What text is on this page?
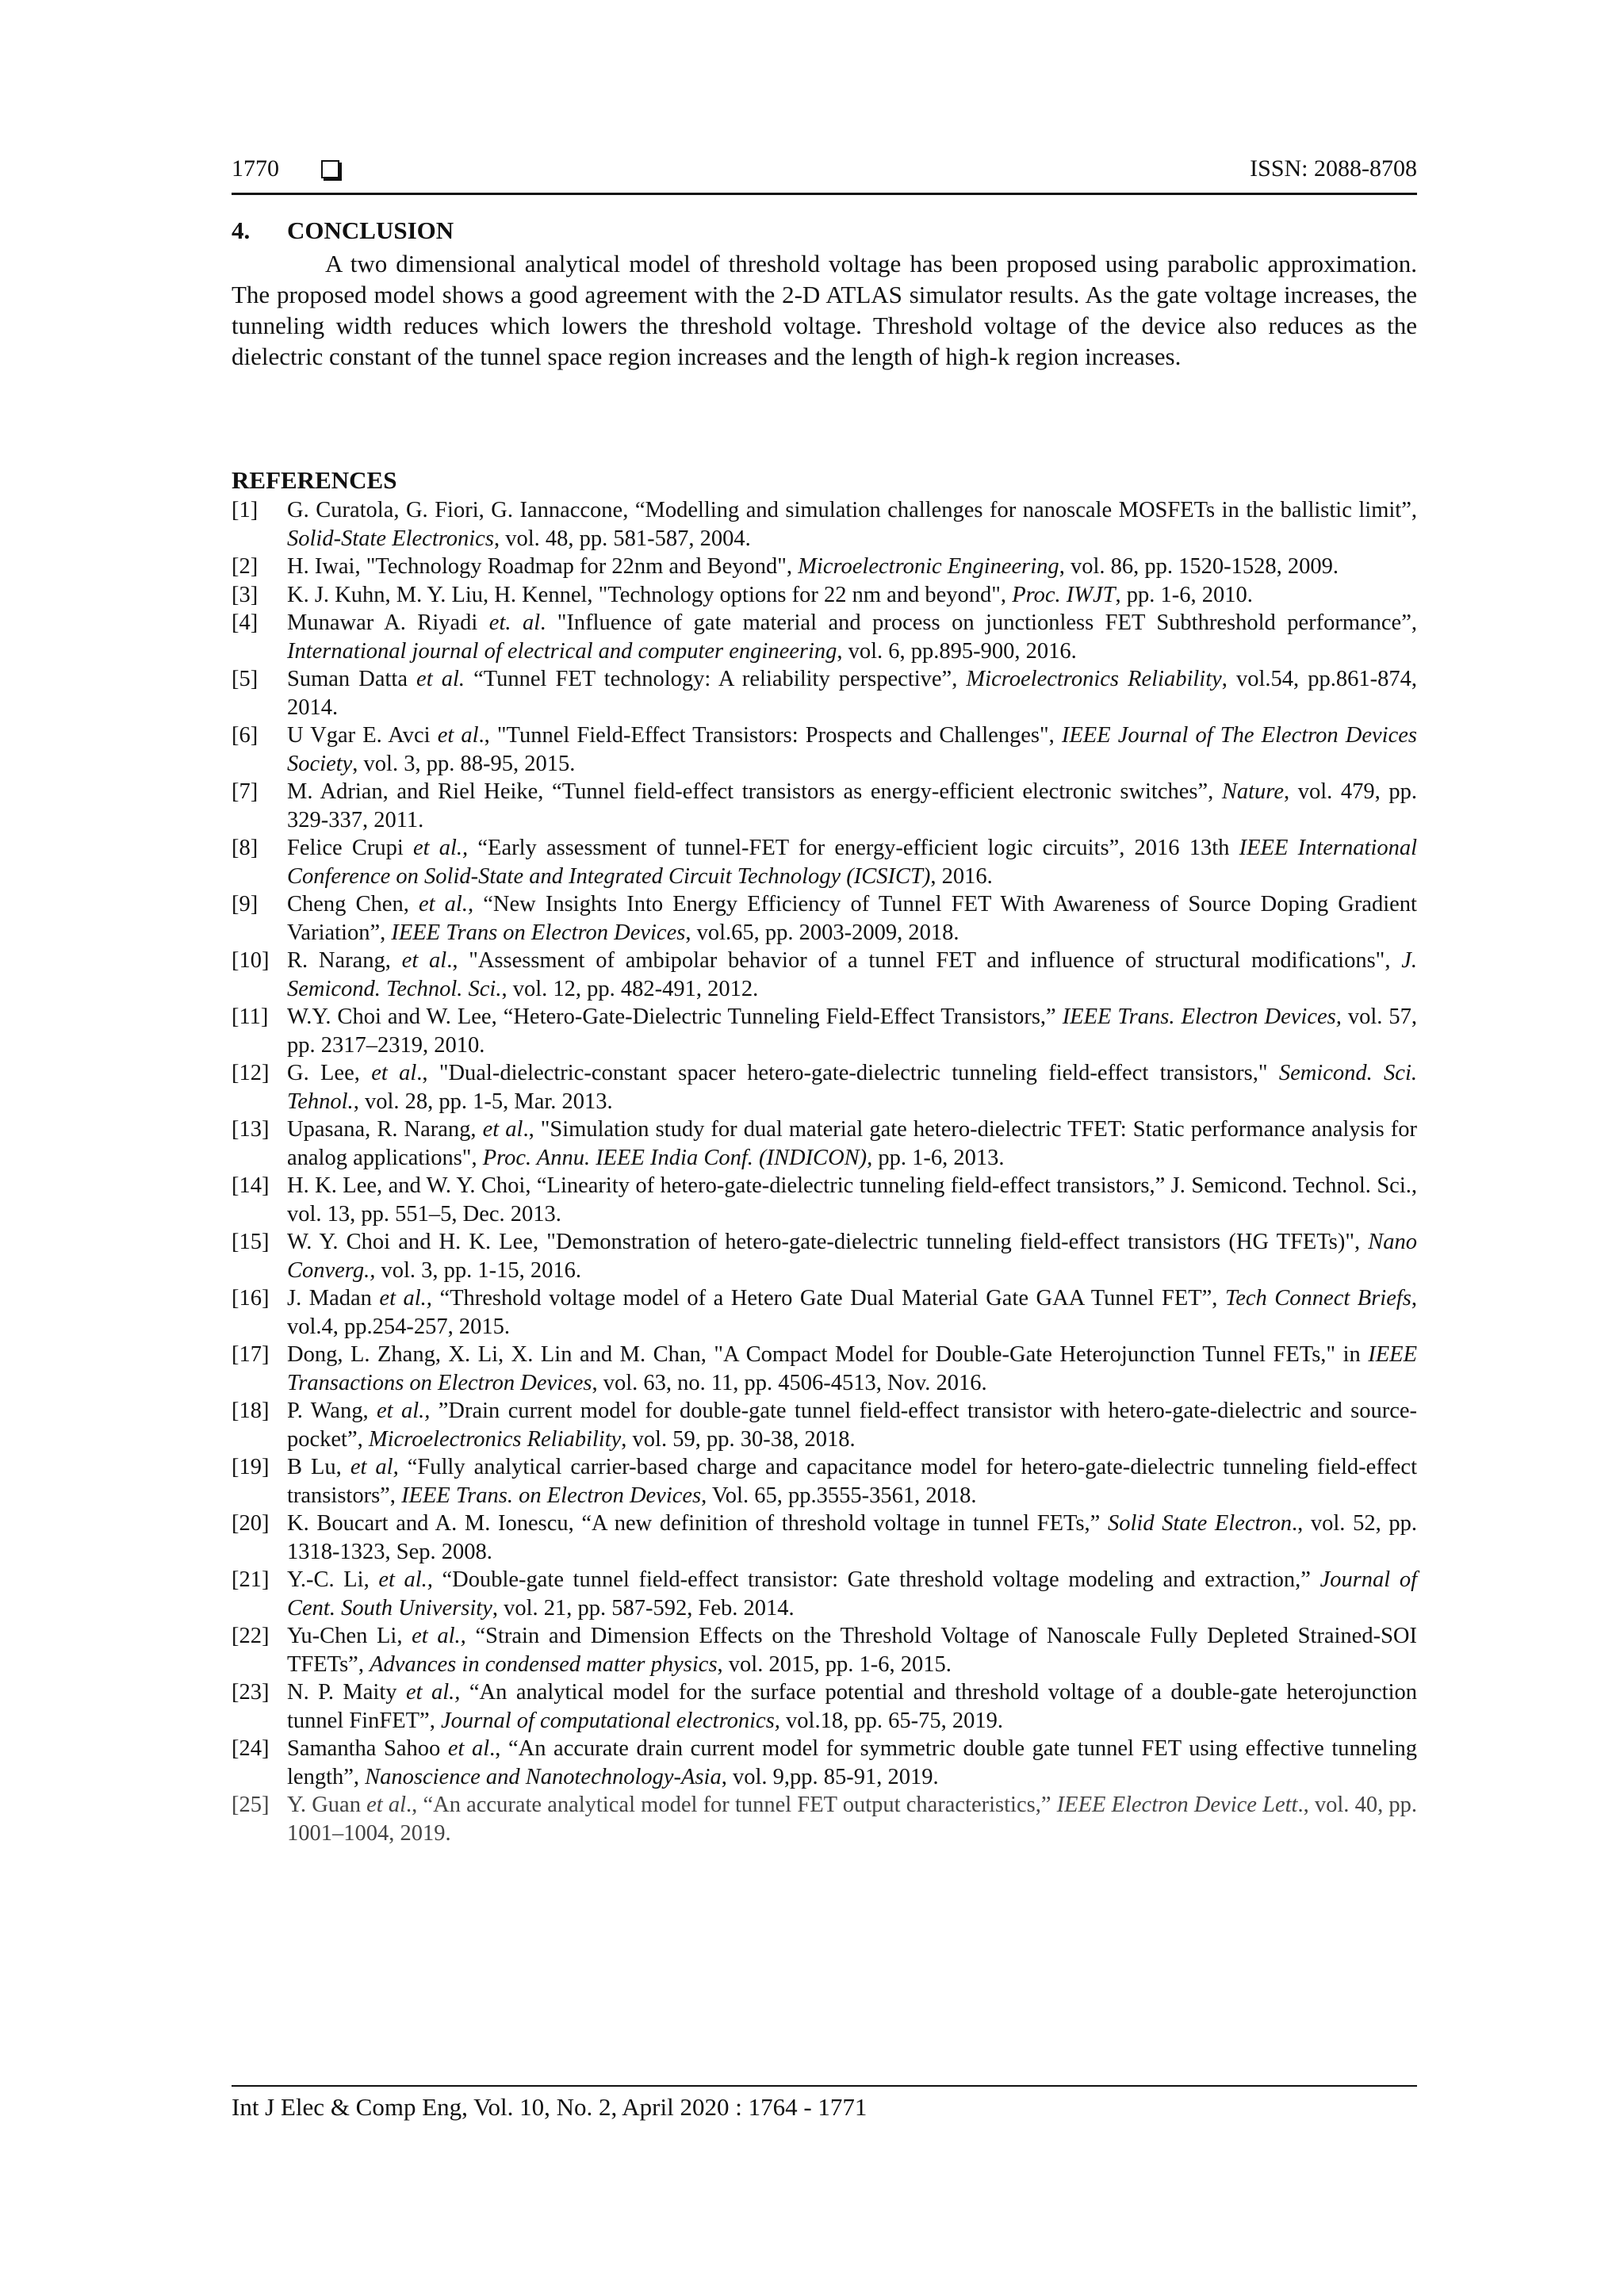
1770	ISSN: 2088-8708
4. CONCLUSION

A two dimensional analytical model of threshold voltage has been proposed using parabolic approximation. The proposed model shows a good agreement with the 2-D ATLAS simulator results. As the gate voltage increases, the tunneling width reduces which lowers the threshold voltage. Threshold voltage of the device also reduces as the dielectric constant of the tunnel space region increases and the length of high-k region increases.

REFERENCES
[1]	G. Curatola, G. Fiori, G. Iannaccone, “Modelling and simulation challenges for nanoscale MOSFETs in the ballistic limit”, Solid-State Electronics, vol. 48, pp. 581-587, 2004.
[2]	H. Iwai, "Technology Roadmap for 22nm and Beyond", Microelectronic Engineering, vol. 86, pp. 1520-1528, 2009.
[3]	K. J. Kuhn, M. Y. Liu, H. Kennel, "Technology options for 22 nm and beyond", Proc. IWJT, pp. 1-6, 2010.
[4]	Munawar A. Riyadi et. al. "Influence of gate material and process on junctionless FET Subthreshold performance”, International journal of electrical and computer engineering, vol. 6, pp.895-900, 2016.
[5]	Suman Datta et al. “Tunnel FET technology: A reliability perspective”, Microelectronics Reliability, vol.54, pp.861-874, 2014.
[6]	U Vgar E. Avci et al., "Tunnel Field-Effect Transistors: Prospects and Challenges", IEEE Journal of The Electron Devices Society, vol. 3, pp. 88-95, 2015.
[7]	M. Adrian, and Riel Heike, “Tunnel field-effect transistors as energy-efficient electronic switches”, Nature, vol. 479, pp. 329-337, 2011.
[8]	Felice Crupi et al., “Early assessment of tunnel-FET for energy-efficient logic circuits”, 2016 13th IEEE International Conference on Solid-State and Integrated Circuit Technology (ICSICT), 2016.
[9]	Cheng Chen, et al., “New Insights Into Energy Efficiency of Tunnel FET With Awareness of Source Doping Gradient Variation”, IEEE Trans on Electron Devices, vol.65, pp. 2003-2009, 2018.
[10] R. Narang, et al., "Assessment of ambipolar behavior of a tunnel FET and influence of structural modifications", J. Semicond. Technol. Sci., vol. 12, pp. 482-491, 2012.
[11] W.Y. Choi and W. Lee, “Hetero-Gate-Dielectric Tunneling Field-Effect Transistors,” IEEE Trans. Electron Devices, vol. 57, pp. 2317–2319, 2010.
[12] G. Lee, et al., "Dual-dielectric-constant spacer hetero-gate-dielectric tunneling field-effect transistors," Semicond. Sci. Tehnol., vol. 28, pp. 1-5, Mar. 2013.
[13] Upasana, R. Narang, et al., "Simulation study for dual material gate hetero-dielectric TFET: Static performance analysis for analog applications", Proc. Annu. IEEE India Conf. (INDICON), pp. 1-6, 2013.
[14] H. K. Lee, and W. Y. Choi, “Linearity of hetero-gate-dielectric tunneling field-effect transistors,” J. Semicond. Technol. Sci., vol. 13, pp. 551–5, Dec. 2013.
[15] W. Y. Choi and H. K. Lee, "Demonstration of hetero-gate-dielectric tunneling field-effect transistors (HG TFETs)", Nano Converg., vol. 3, pp. 1-15, 2016.
[16] J. Madan et al., “Threshold voltage model of a Hetero Gate Dual Material Gate GAA Tunnel FET”, Tech Connect Briefs, vol.4, pp.254-257, 2015.
[17] Dong, L. Zhang, X. Li, X. Lin and M. Chan, "A Compact Model for Double-Gate Heterojunction Tunnel FETs," in IEEE Transactions on Electron Devices, vol. 63, no. 11, pp. 4506-4513, Nov. 2016.
[18] P. Wang, et al., ”Drain current model for double-gate tunnel field-effect transistor with hetero-gate-dielectric and source-pocket”, Microelectronics Reliability, vol. 59, pp. 30-38, 2018.
[19] B Lu, et al, “Fully analytical carrier-based charge and capacitance model for hetero-gate-dielectric tunneling field-effect transistors”, IEEE Trans. on Electron Devices, Vol. 65, pp.3555-3561, 2018.
[20] K. Boucart and A. M. Ionescu, “A new definition of threshold voltage in tunnel FETs,” Solid State Electron., vol. 52, pp. 1318-1323, Sep. 2008.
[21] Y.-C. Li, et al., “Double-gate tunnel field-effect transistor: Gate threshold voltage modeling and extraction,” Journal of Cent. South University, vol. 21, pp. 587-592, Feb. 2014.
[22] Yu-Chen Li, et al., “Strain and Dimension Effects on the Threshold Voltage of Nanoscale Fully Depleted Strained-SOI TFETs”, Advances in condensed matter physics, vol. 2015, pp. 1-6, 2015.
[23] N. P. Maity et al., “An analytical model for the surface potential and threshold voltage of a double-gate heterojunction tunnel FinFET”, Journal of computational electronics, vol.18, pp. 65-75, 2019.
[24] Samantha Sahoo et al., “An accurate drain current model for symmetric double gate tunnel FET using effective tunneling length”, Nanoscience and Nanotechnology-Asia, vol. 9,pp. 85-91, 2019.
[25] Y. Guan et al., “An accurate analytical model for tunnel FET output characteristics,” IEEE Electron Device Lett., vol. 40, pp. 1001–1004, 2019.
Int J Elec & Comp Eng, Vol. 10, No. 2, April 2020 : 1764 - 1771
